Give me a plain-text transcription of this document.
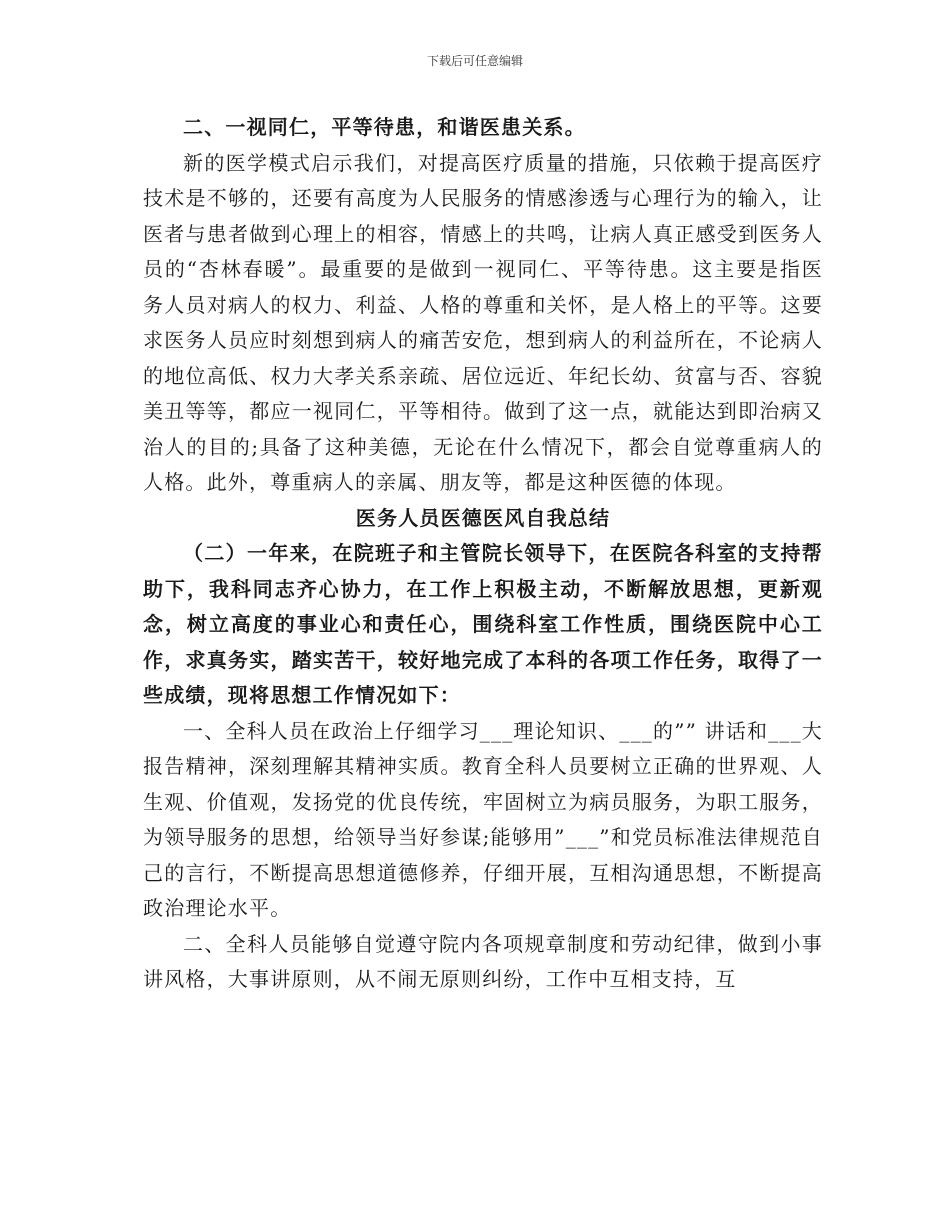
下载后可任意编辑

二、一视同仁，平等待患，和谐医患关系。

新的医学模式启示我们，对提高医疗质量的措施，只依赖于提高医疗技术是不够的，还要有高度为人民服务的情感渗透与心理行为的输入，让医者与患者做到心理上的相容，情感上的共鸣，让病人真正感受到医务人员的“杏林春暖”。最重要的是做到一视同仁、平等待患。这主要是指医务人员对病人的权力、利益、人格的尊重和关怀，是人格上的平等。这要求医务人员应时刻想到病人的痛苦安危，想到病人的利益所在，不论病人的地位高低、权力大孝关系亲疏、居位远近、年纪长幼、贫富与否、容貌美丑等等，都应一视同仁，平等相待。做到了这一点，就能达到即治病又治人的目的;具备了这种美德，无论在什么情况下，都会自觉尊重病人的人格。此外，尊重病人的亲属、朋友等，都是这种医德的体现。

医务人员医德医风自我总结

（二）一年来，在院班子和主管院长领导下，在医院各科室的支持帮助下，我科同志齐心协力，在工作上积极主动，不断解放思想，更新观念，树立高度的事业心和责任心，围绕科室工作性质，围绕医院中心工作，求真务实，踏实苦干，较好地完成了本科的各项工作任务，取得了一些成绩，现将思想工作情况如下：

一、全科人员在政治上仔细学习___理论知识、___的”” 讲话和___大报告精神，深刻理解其精神实质。教育全科人员要树立正确的世界观、人生观、价值观，发扬党的优良传统，牢固树立为病员服务，为职工服务，为领导服务的思想，给领导当好参谋;能够用”___”和党员标准法律规范自己的言行，不断提高思想道德修养，仔细开展，互相沟通思想，不断提高政治理论水平。

二、全科人员能够自觉遵守院内各项规章制度和劳动纪律，做到小事讲风格，大事讲原则，从不闹无原则纠纷，工作中互相支持，互
